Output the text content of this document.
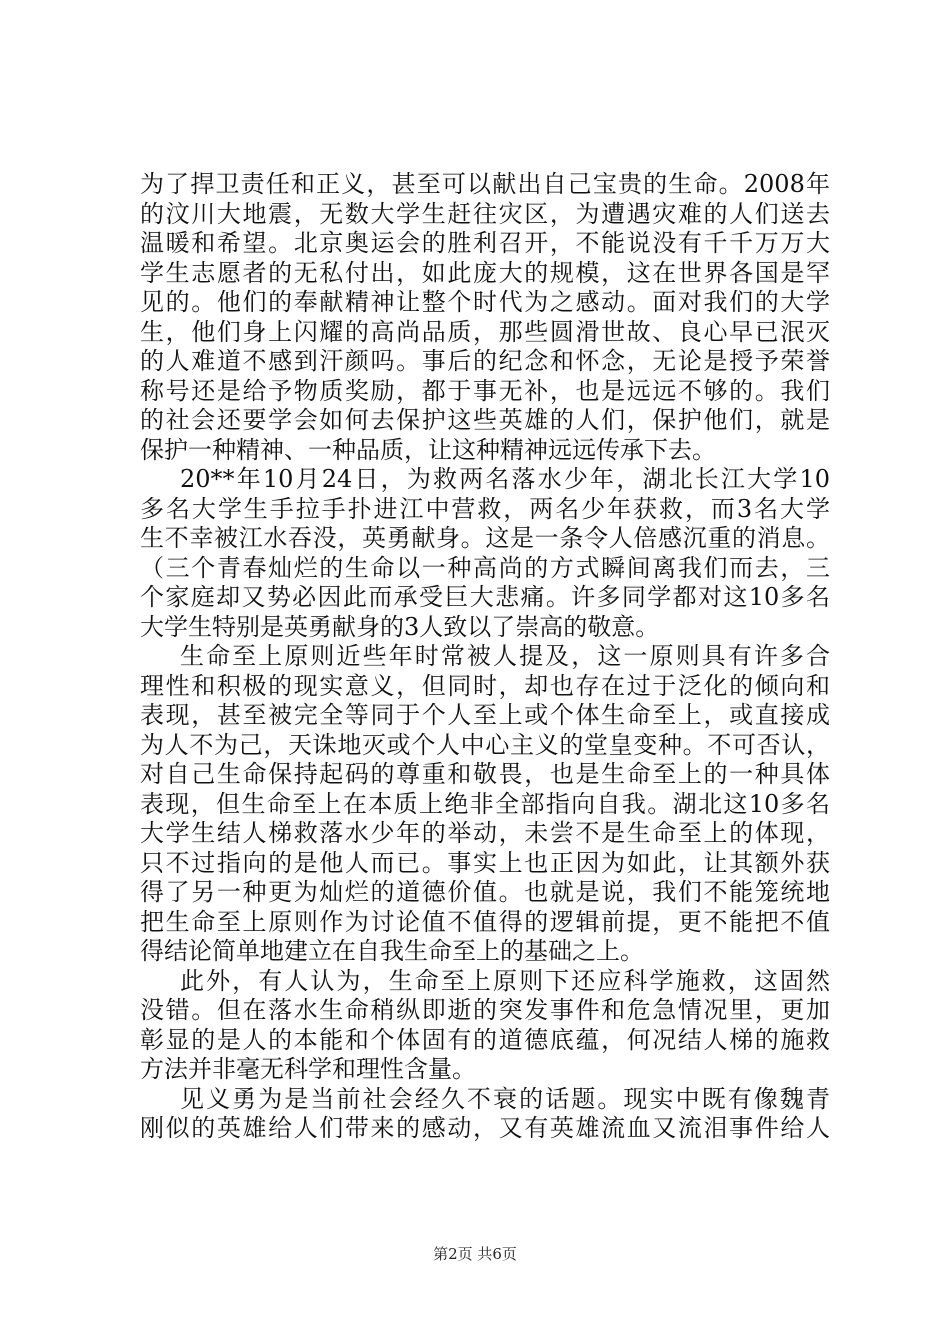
为了捍卫责任和正义，甚至可以献出自己宝贵的生命。2008年
的汶川大地震，无数大学生赶往灾区，为遭遇灾难的人们送去
温暖和希望。北京奥运会的胜利召开，不能说没有千千万万大
学生志愿者的无私付出，如此庞大的规模，这在世界各国是罕
见的。他们的奉献精神让整个时代为之感动。面对我们的大学
生，他们身上闪耀的高尚品质，那些圆滑世故、良心早已泯灭
的人难道不感到汗颜吗。事后的纪念和怀念，无论是授予荣誉
称号还是给予物质奖励，都于事无补，也是远远不够的。我们
的社会还要学会如何去保护这些英雄的人们，保护他们，就是
保护一种精神、一种品质，让这种精神远远传承下去。
20**年10月24日，为救两名落水少年，湖北长江大学10
多名大学生手拉手扑进江中营救，两名少年获救，而3名大学
生不幸被江水吞没，英勇献身。这是一条令人倍感沉重的消息。
（三个青春灿烂的生命以一种高尚的方式瞬间离我们而去，三
个家庭却又势必因此而承受巨大悲痛。许多同学都对这10多名
大学生特别是英勇献身的3人致以了崇高的敬意。
生命至上原则近些年时常被人提及，这一原则具有许多合
理性和积极的现实意义，但同时，却也存在过于泛化的倾向和
表现，甚至被完全等同于个人至上或个体生命至上，或直接成
为人不为己，天诛地灭或个人中心主义的堂皇变种。不可否认，
对自己生命保持起码的尊重和敬畏，也是生命至上的一种具体
表现，但生命至上在本质上绝非全部指向自我。湖北这10多名
大学生结人梯救落水少年的举动，未尝不是生命至上的体现，
只不过指向的是他人而已。事实上也正因为如此，让其额外获
得了另一种更为灿烂的道德价值。也就是说，我们不能笼统地
把生命至上原则作为讨论值不值得的逻辑前提，更不能把不值
得结论简单地建立在自我生命至上的基础之上。
此外，有人认为，生命至上原则下还应科学施救，这固然
没错。但在落水生命稍纵即逝的突发事件和危急情况里，更加
彰显的是人的本能和个体固有的道德底蕴，何况结人梯的施救
方法并非毫无科学和理性含量。
见义勇为是当前社会经久不衰的话题。现实中既有像魏青
刚似的英雄给人们带来的感动，又有英雄流血又流泪事件给人
第2页 共6页
